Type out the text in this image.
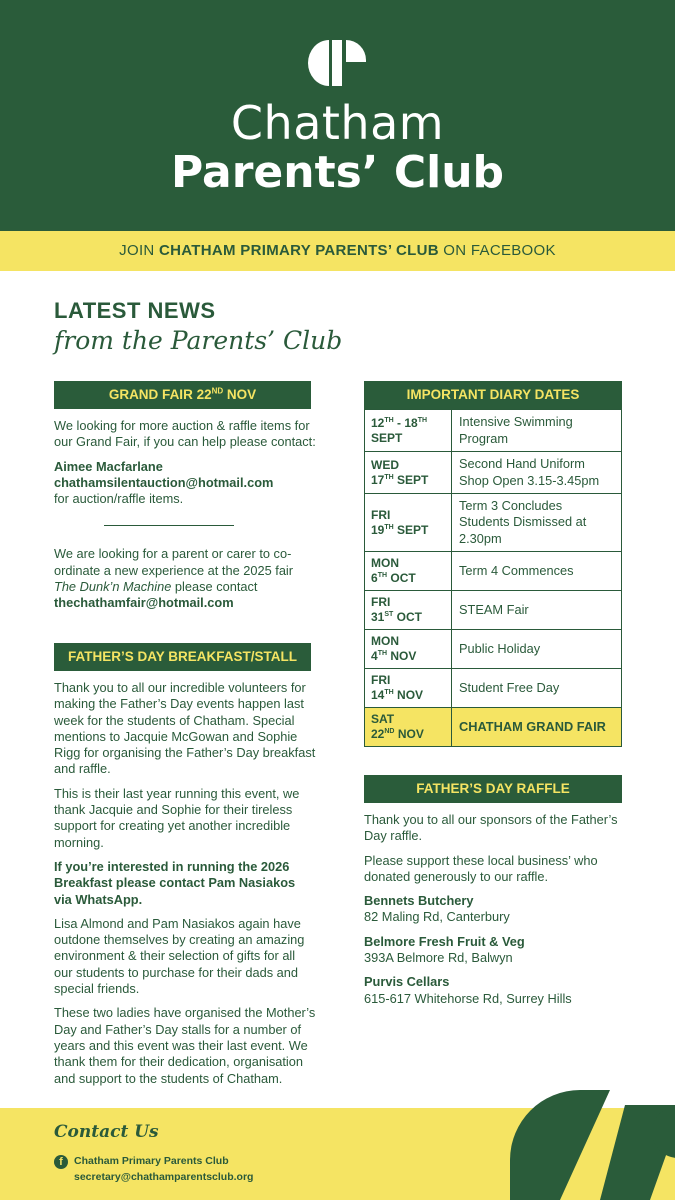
Chatham
Parents’ Club
JOIN CHATHAM PRIMARY PARENTS’ CLUB ON FACEBOOK
LATEST NEWS
from the Parents’ Club
GRAND FAIR 22ND NOV

We looking for more auction & raffle items for our Grand Fair, if you can help please contact:

Aimee Macfarlane
chathamsilentauction@hotmail.com
for auction/raffle items.
We are looking for a parent or carer to co-ordinate a new experience at the 2025 fair The Dunk’n Machine please contact
thechathamfair@hotmail.com
FATHER’S DAY BREAKFAST/STALL

Thank you to all our incredible volunteers for making the Father’s Day events happen last week for the students of Chatham. Special mentions to Jacquie McGowan and Sophie Rigg for organising the Father’s Day breakfast and raffle.

This is their last year running this event, we thank Jacquie and Sophie for their tireless support for creating yet another incredible morning.

If you’re interested in running the 2026 Breakfast please contact Pam Nasiakos via WhatsApp.

Lisa Almond and Pam Nasiakos again have outdone themselves by creating an amazing environment & their selection of gifts for all our students to purchase for their dads and special friends.

These two ladies have organised the Mother’s Day and Father’s Day stalls for a number of years and this event was their last event. We thank them for their dedication, organisation and support to the students of Chatham.

IMPORTANT DIARY DATES
12TH - 18TH
SEPT	Intensive Swimming Program
WED
17TH SEPT	Second Hand Uniform Shop Open 3.15-3.45pm
FRI
19TH SEPT	Term 3 Concludes Students Dismissed at 2.30pm
MON
6TH OCT	Term 4 Commences
FRI
31ST OCT	STEAM Fair
MON
4TH NOV	Public Holiday
FRI
14TH NOV	Student Free Day
SAT
22ND NOV	CHATHAM GRAND FAIR
FATHER’S DAY RAFFLE

Thank you to all our sponsors of the Father’s Day raffle.

Please support these local business’ who donated generously to our raffle.

Bennets Butchery

82 Maling Rd, Canterbury

Belmore Fresh Fruit & Veg

393A Belmore Rd, Balwyn

Purvis Cellars

615-617 Whitehorse Rd, Surrey Hills

Contact Us
f	Chatham Primary Parents Club
secretary@chathamparentsclub.org
